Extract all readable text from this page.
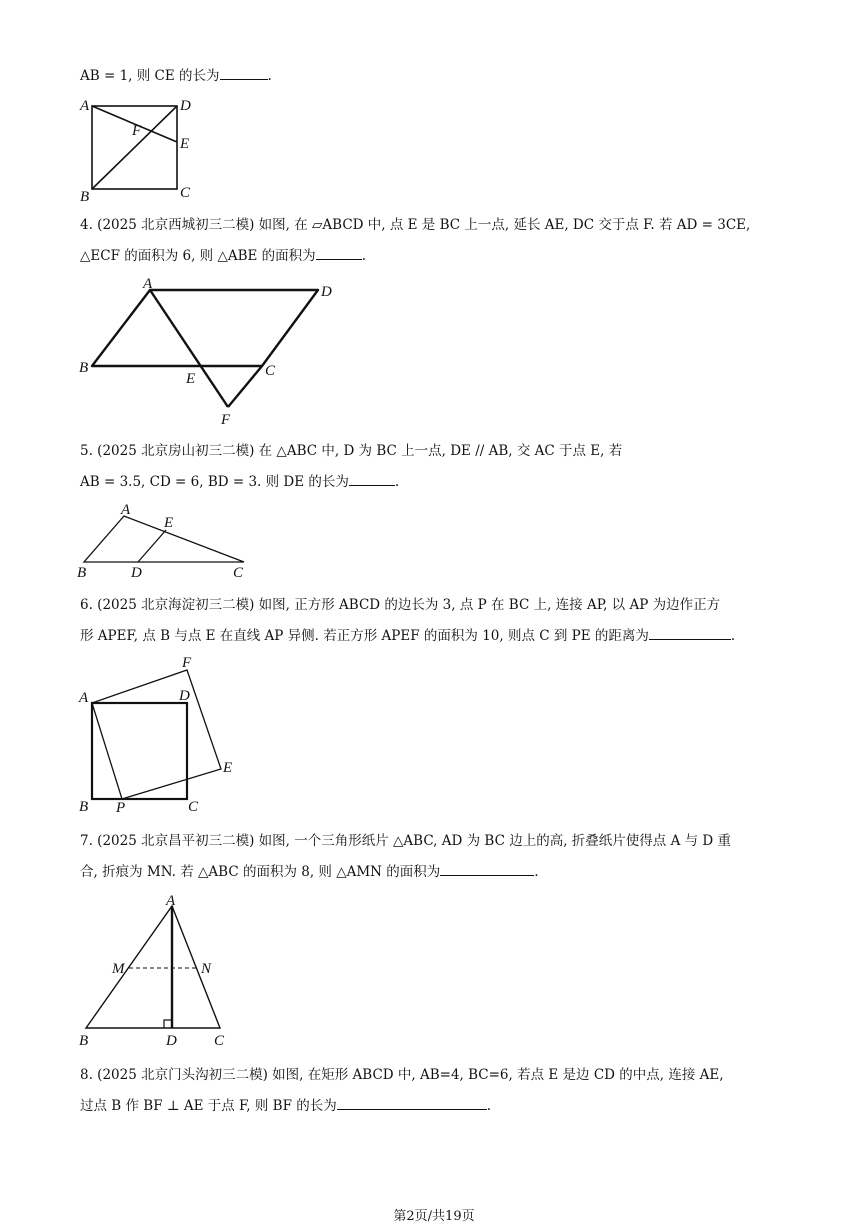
AB = 1, 则 CE 的长为	.
A	D
F
E
B	C
4. (2025 北京西城初三二模) 如图, 在 ▱ABCD 中, 点 E 是 BC 上一点, 延长 AE, DC 交于点 F. 若 AD = 3CE,
△ECF 的面积为 6, 则 △ABE 的面积为	.
A	D
B
E	C
F
5. (2025 北京房山初三二模) 在 △ABC 中, D 为 BC 上一点, DE // AB, 交 AC 于点 E, 若
AB = 3.5, CD = 6, BD = 3. 则 DE 的长为	.
A
E
B	D	C
6. (2025 北京海淀初三二模) 如图, 正方形 ABCD 的边长为 3, 点 P 在 BC 上, 连接 AP, 以 AP 为边作正方
形 APEF, 点 B 与点 E 在直线 AP 异侧. 若正方形 APEF 的面积为 10, 则点 C 到 PE 的距离为	.
F
A	D
E
B P	C
7. (2025 北京昌平初三二模) 如图, 一个三角形纸片 △ABC, AD 为 BC 边上的高, 折叠纸片使得点 A 与 D 重
合, 折痕为 MN. 若 △ABC 的面积为 8, 则 △AMN 的面积为	.
A
M	N
B	D C
8. (2025 北京门头沟初三二模) 如图, 在矩形 ABCD 中, AB=4, BC=6, 若点 E 是边 CD 的中点, 连接 AE,
过点 B 作 BF ⊥ AE 于点 F, 则 BF 的长为	.
第2页/共19页
